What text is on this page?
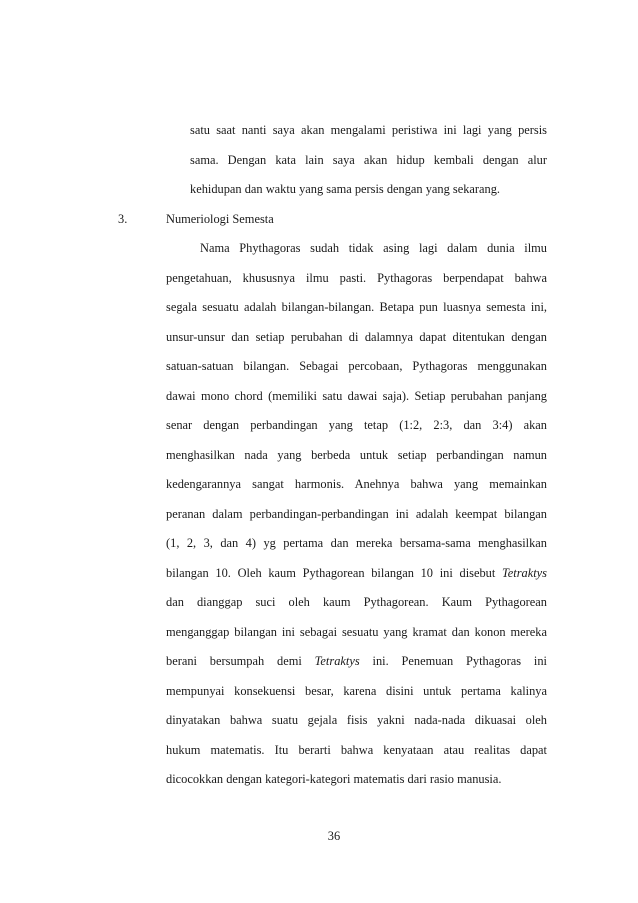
satu saat nanti saya akan mengalami peristiwa ini lagi yang persis
sama. Dengan kata lain saya akan hidup kembali dengan alur
kehidupan dan waktu yang sama persis dengan yang sekarang.
3.	Numeriologi Semesta
Nama Phythagoras sudah tidak asing lagi dalam dunia ilmu
pengetahuan, khususnya ilmu pasti. Pythagoras berpendapat bahwa
segala sesuatu adalah bilangan-bilangan. Betapa pun luasnya semesta ini,
unsur-unsur dan setiap perubahan di dalamnya dapat ditentukan dengan
satuan-satuan bilangan. Sebagai percobaan, Pythagoras menggunakan
dawai mono chord (memiliki satu dawai saja). Setiap perubahan panjang
senar dengan perbandingan yang tetap (1:2, 2:3, dan 3:4) akan
menghasilkan nada yang berbeda untuk setiap perbandingan namun
kedengarannya sangat harmonis. Anehnya bahwa yang memainkan
peranan dalam perbandingan-perbandingan ini adalah keempat bilangan
(1, 2, 3, dan 4) yg pertama dan mereka bersama-sama menghasilkan
bilangan 10. Oleh kaum Pythagorean bilangan 10 ini disebut Tetraktys
dan dianggap suci oleh kaum Pythagorean. Kaum Pythagorean
menganggap bilangan ini sebagai sesuatu yang kramat dan konon mereka
berani bersumpah demi Tetraktys ini. Penemuan Pythagoras ini
mempunyai konsekuensi besar, karena disini untuk pertama kalinya
dinyatakan bahwa suatu gejala fisis yakni nada-nada dikuasai oleh
hukum matematis. Itu berarti bahwa kenyataan atau realitas dapat
dicocokkan dengan kategori-kategori matematis dari rasio manusia.
36
